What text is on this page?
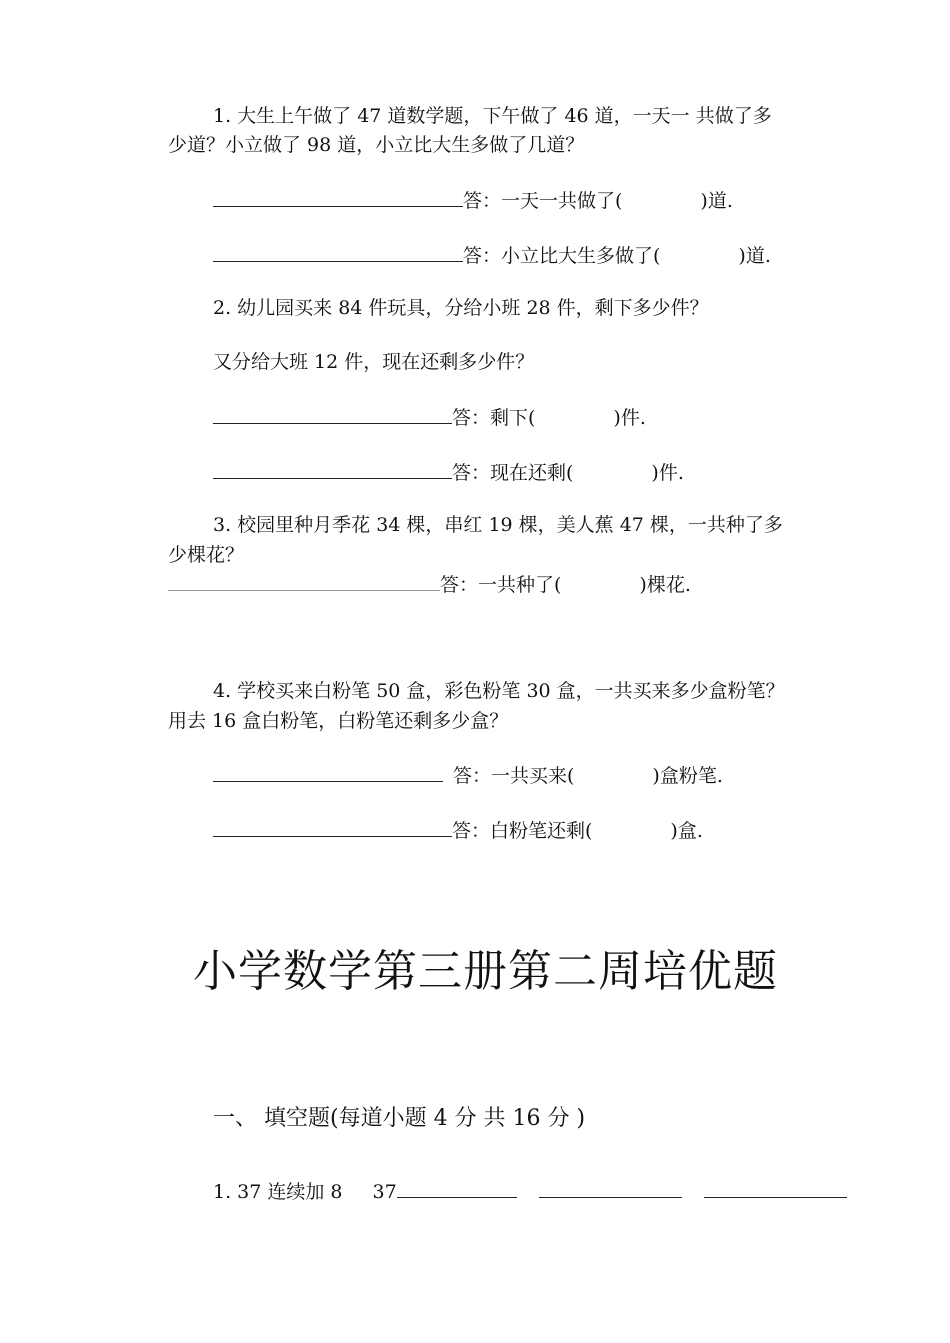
1. 大生上午做了 47 道数学题，下午做了 46 道，一天一 共做了多
少道？小立做了 98 道，小立比大生多做了几道？
答：一天一共做了(	)道.
答：小立比大生多做了(	)道.
2. 幼儿园买来 84 件玩具，分给小班 28 件，剩下多少件？
又分给大班 12 件，现在还剩多少件？
答：剩下(	)件.
答：现在还剩(	)件.
3. 校园里种月季花 34 棵，串红 19 棵，美人蕉 47 棵，一共种了多
少棵花？
答：一共种了(	)棵花.
4. 学校买来白粉笔 50 盒，彩色粉笔 30 盒，一共买来多少盒粉笔？
用去 16 盒白粉笔，白粉笔还剩多少盒？
答：一共买来(	)盒粉笔.
答：白粉笔还剩(	)盒.
小学数学第三册第二周培优题
一、 填空题(每道小题 4 分 共 16 分 )
1. 37 连续加 8 37
